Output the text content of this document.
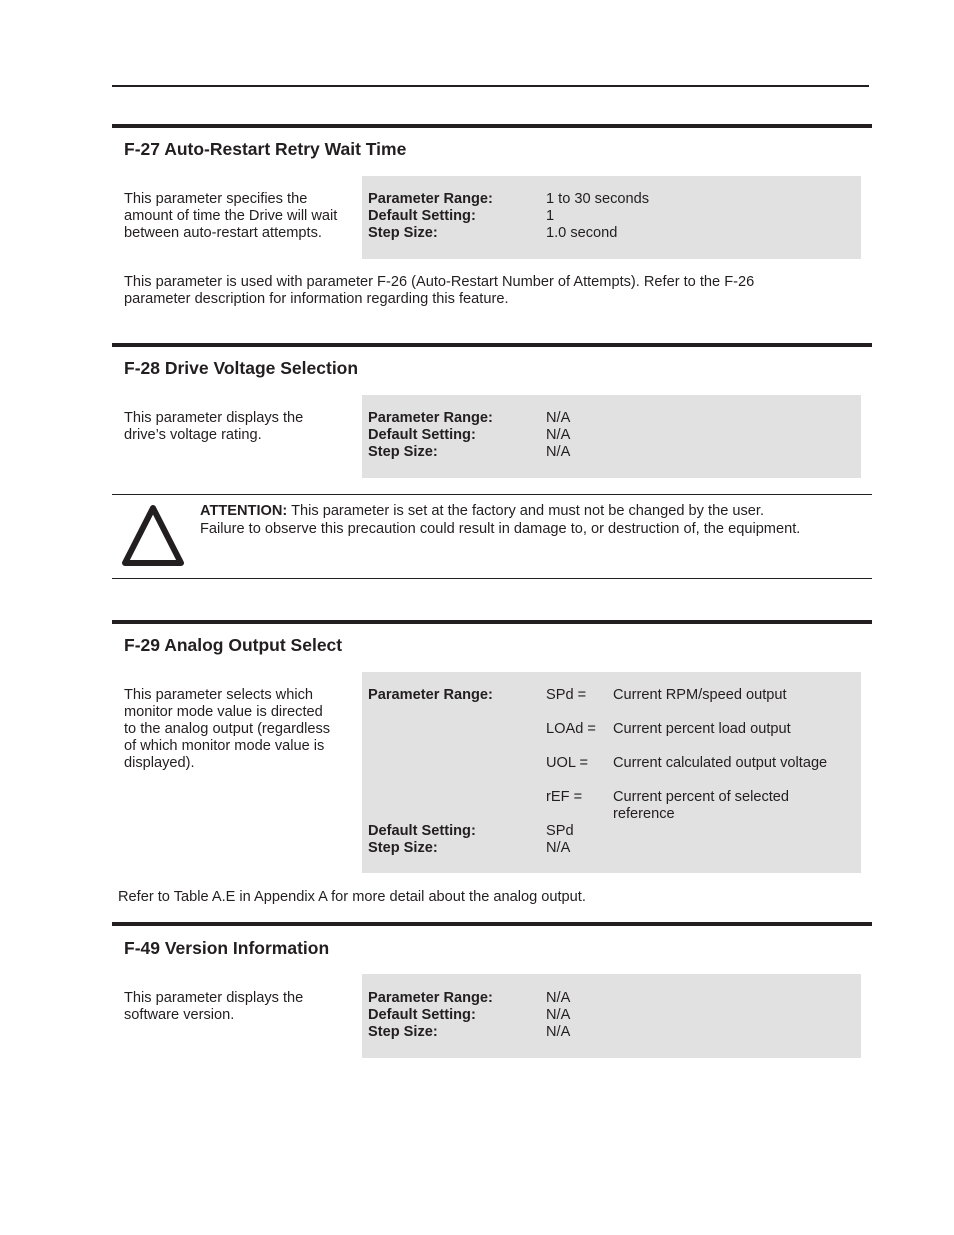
F-27 Auto-Restart Retry Wait Time
This parameter specifies the
amount of time the Drive will wait
between auto-restart attempts.
Parameter Range:	1 to 30 seconds
Default Setting:	1
Step Size:	1.0 second
This parameter is used with parameter F-26 (Auto-Restart Number of Attempts). Refer to the F-26
parameter description for information regarding this feature.
F-28 Drive Voltage Selection
This parameter displays the
drive’s voltage rating.
Parameter Range:	N/A
Default Setting:	N/A
Step Size:	N/A
ATTENTION: This parameter is set at the factory and must not be changed by the user.
Failure to observe this precaution could result in damage to, or destruction of, the equipment.
F-29 Analog Output Select
This parameter selects which
monitor mode value is directed
to the analog output (regardless
of which monitor mode value is
displayed).
Parameter Range:	SPd = Current RPM/speed output
LOAd = Current percent load output
UOL = Current calculated output voltage
rEF = Current percent of selected
reference
Default Setting:	SPd
Step Size:	N/A
Refer to Table A.E in Appendix A for more detail about the analog output.
F-49 Version Information
This parameter displays the
software version.
Parameter Range:	N/A
Default Setting:	N/A
Step Size:	N/A
